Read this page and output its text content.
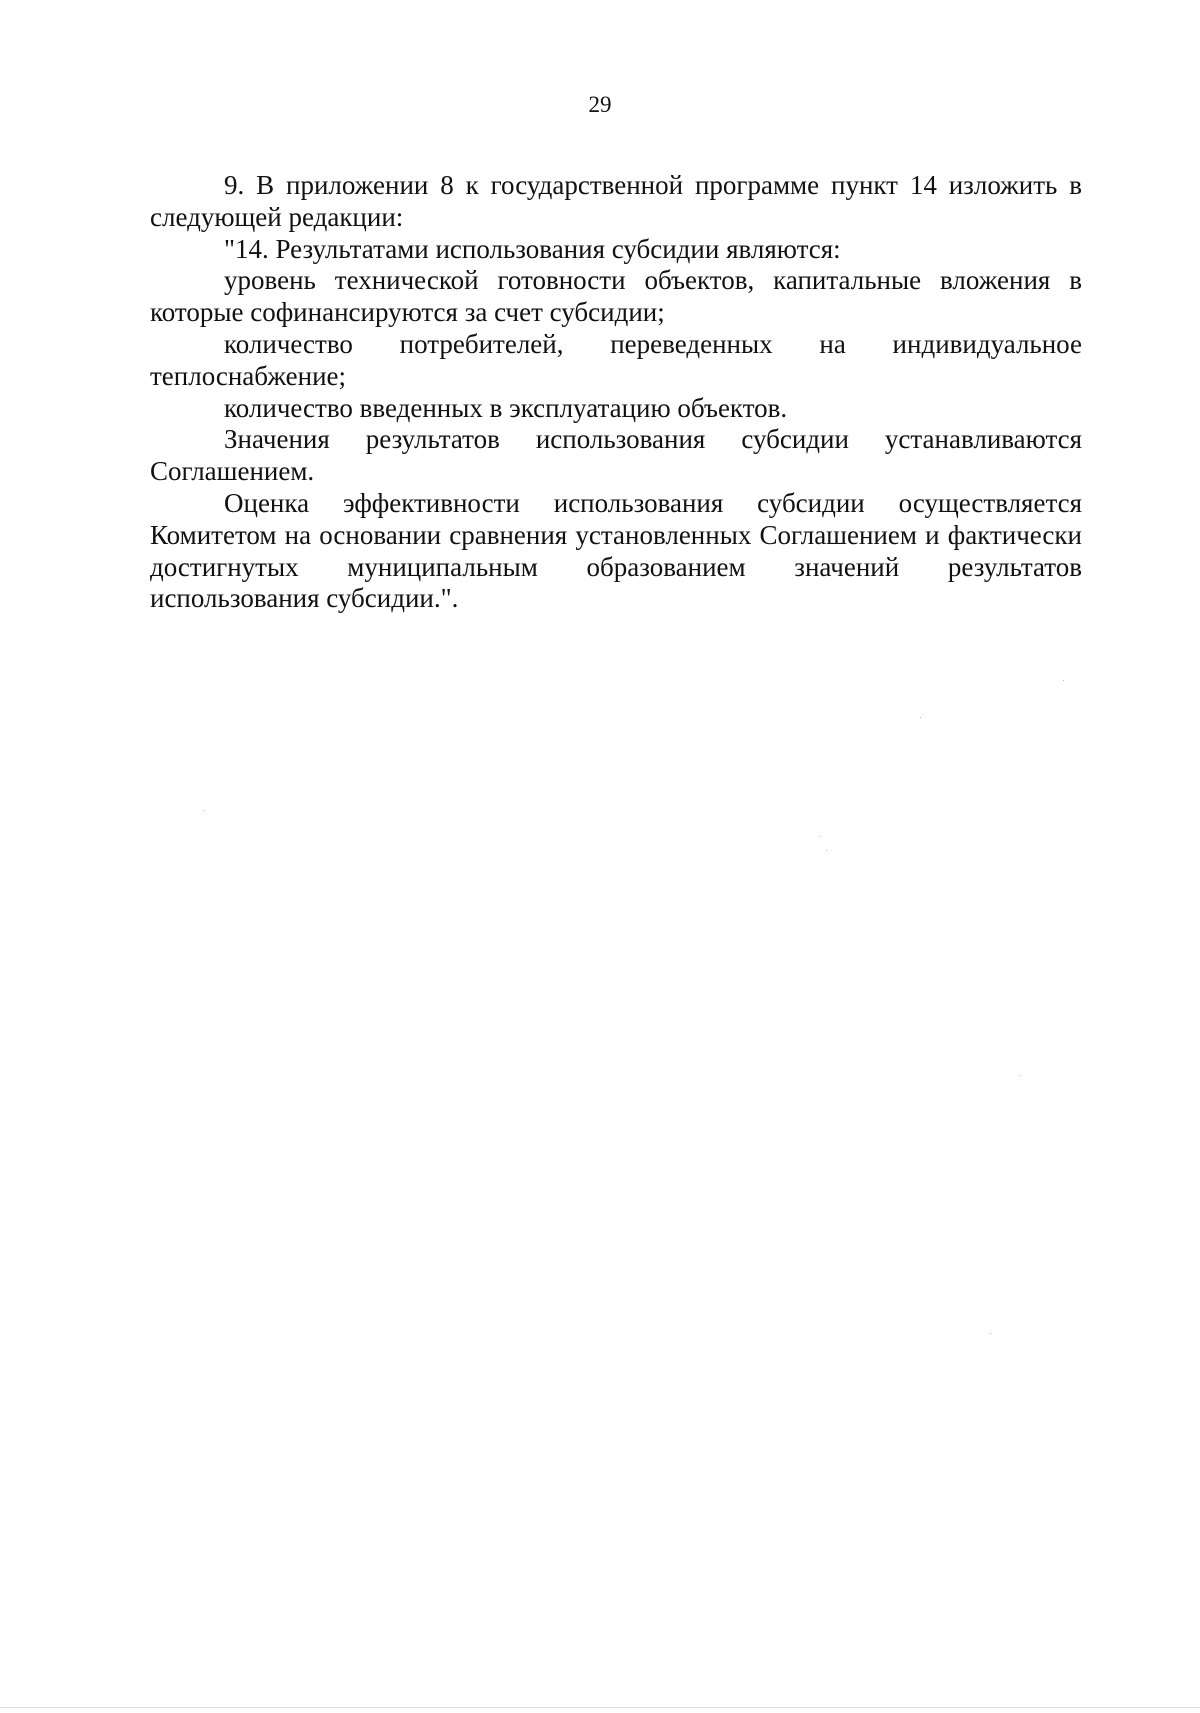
29

9. В приложении 8 к государственной программе пункт 14 изложить в следующей редакции:

"14. Результатами использования субсидии являются:

уровень технической готовности объектов, капитальные вложения в которые софинансируются за счет субсидии;

количество потребителей, переведенных на индивидуальное теплоснабжение;

количество введенных в эксплуатацию объектов.

Значения результатов использования субсидии устанавливаются Соглашением.

Оценка эффективности использования субсидии осуществляется Комитетом на основании сравнения установленных Соглашением и фактически достигнутых муниципальным образованием значений результатов использования субсидии.".
